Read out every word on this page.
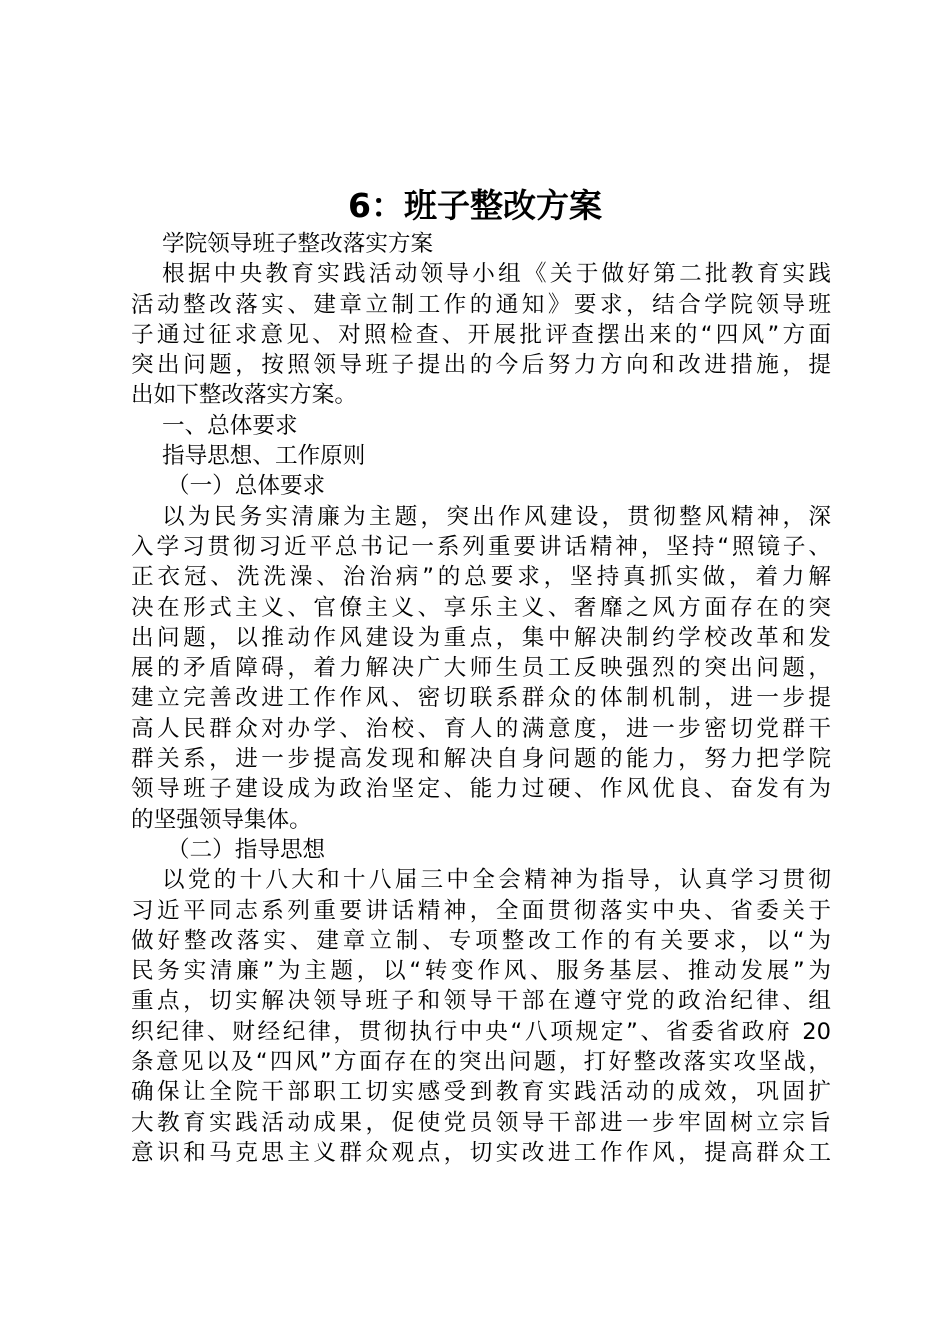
6：班子整改方案
学院领导班子整改落实方案
根据中央教育实践活动领导小组《关于做好第二批教育实践
活动整改落实、建章立制工作的通知》要求，结合学院领导班
子通过征求意见、对照检查、开展批评查摆出来的“四风”方面
突出问题，按照领导班子提出的今后努力方向和改进措施，提
出如下整改落实方案。
一、总体要求
指导思想、工作原则
（一）总体要求
以为民务实清廉为主题，突出作风建设，贯彻整风精神，深
入学习贯彻习近平总书记一系列重要讲话精神，坚持“照镜子、
正衣冠、洗洗澡、治治病”的总要求，坚持真抓实做，着力解
决在形式主义、官僚主义、享乐主义、奢靡之风方面存在的突
出问题，以推动作风建设为重点，集中解决制约学校改革和发
展的矛盾障碍，着力解决广大师生员工反映强烈的突出问题，
建立完善改进工作作风、密切联系群众的体制机制，进一步提
高人民群众对办学、治校、育人的满意度，进一步密切党群干
群关系，进一步提高发现和解决自身问题的能力，努力把学院
领导班子建设成为政治坚定、能力过硬、作风优良、奋发有为
的坚强领导集体。
（二）指导思想
以党的十八大和十八届三中全会精神为指导，认真学习贯彻
习近平同志系列重要讲话精神，全面贯彻落实中央、省委关于
做好整改落实、建章立制、专项整改工作的有关要求，以“为
民务实清廉”为主题，以“转变作风、服务基层、推动发展”为
重点，切实解决领导班子和领导干部在遵守党的政治纪律、组
织纪律、财经纪律，贯彻执行中央“八项规定”、省委省政府 20
条意见以及“四风”方面存在的突出问题，打好整改落实攻坚战，
确保让全院干部职工切实感受到教育实践活动的成效，巩固扩
大教育实践活动成果，促使党员领导干部进一步牢固树立宗旨
意识和马克思主义群众观点，切实改进工作作风，提高群众工
